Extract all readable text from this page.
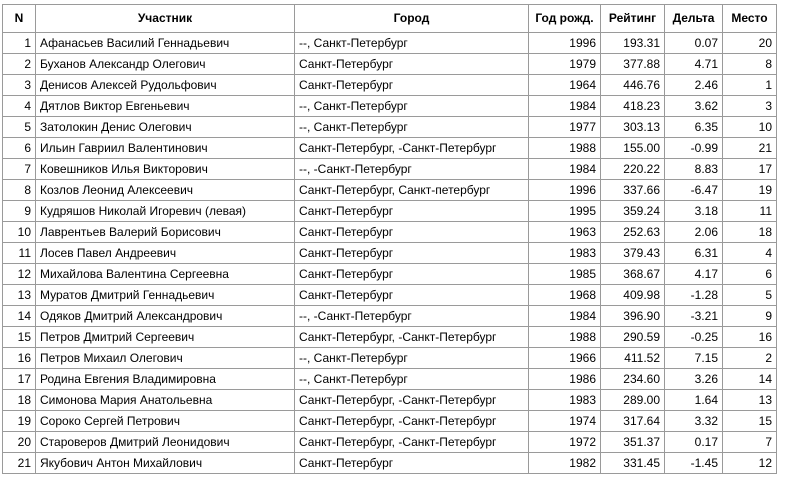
N	Участник	Город	Год рожд.	Рейтинг	Дельта	Место
1	Афанасьев Василий Геннадьевич	--, Санкт-Петербург	1996	193.31	0.07	20
2	Буханов Александр Олегович	Санкт-Петербург	1979	377.88	4.71	8
3	Денисов Алексей Рудольфович	Санкт-Петербург	1964	446.76	2.46	1
4	Дятлов Виктор Евгеньевич	--, Санкт-Петербург	1984	418.23	3.62	3
5	Затолокин Денис Олегович	--, Санкт-Петербург	1977	303.13	6.35	10
6	Ильин Гавриил Валентинович	Санкт-Петербург, -Санкт-Петербург	1988	155.00	-0.99	21
7	Ковешников Илья Викторович	--, -Санкт-Петербург	1984	220.22	8.83	17
8	Козлов Леонид Алексеевич	Санкт-Петербург, Санкт-петербург	1996	337.66	-6.47	19
9	Кудряшов Николай Игоревич (левая)	Санкт-Петербург	1995	359.24	3.18	11
10	Лаврентьев Валерий Борисович	Санкт-Петербург	1963	252.63	2.06	18
11	Лосев Павел Андреевич	Санкт-Петербург	1983	379.43	6.31	4
12	Михайлова Валентина Сергеевна	Санкт-Петербург	1985	368.67	4.17	6
13	Муратов Дмитрий Геннадьевич	Санкт-Петербург	1968	409.98	-1.28	5
14	Одяков Дмитрий Александрович	--, -Санкт-Петербург	1984	396.90	-3.21	9
15	Петров Дмитрий Сергеевич	Санкт-Петербург, -Санкт-Петербург	1988	290.59	-0.25	16
16	Петров Михаил Олегович	--, Санкт-Петербург	1966	411.52	7.15	2
17	Родина Евгения Владимировна	--, Санкт-Петербург	1986	234.60	3.26	14
18	Симонова Мария Анатольевна	Санкт-Петербург, -Санкт-Петербург	1983	289.00	1.64	13
19	Сороко Сергей Петрович	Санкт-Петербург, -Санкт-Петербург	1974	317.64	3.32	15
20	Староверов Дмитрий Леонидович	Санкт-Петербург, -Санкт-Петербург	1972	351.37	0.17	7
21	Якубович Антон Михайлович	Санкт-Петербург	1982	331.45	-1.45	12
